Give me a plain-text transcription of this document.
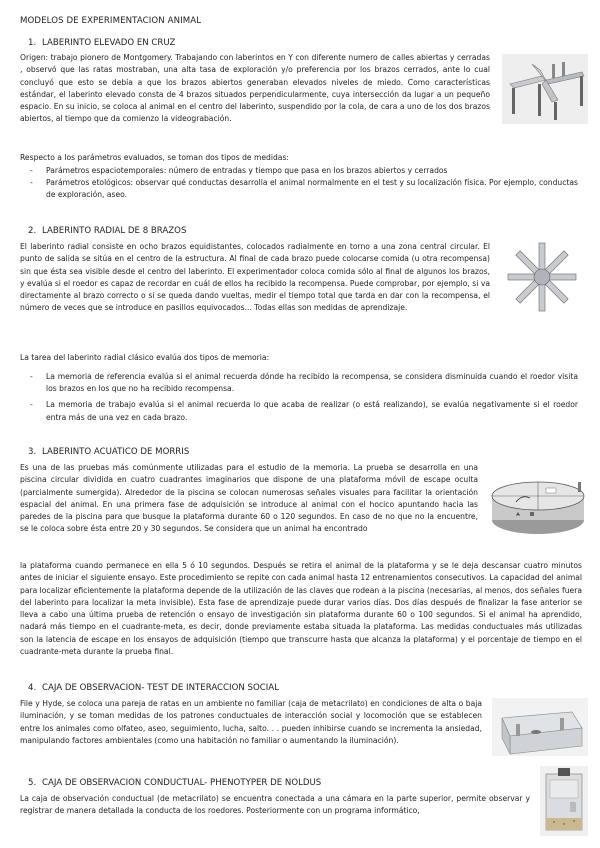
MODELOS DE EXPERIMENTACION ANIMAL
1. LABERINTO ELEVADO EN CRUZ

Origen: trabajo pionero de Montgomery. Trabajando con laberintos en Y con diferente numero de calles abiertas y cerradas , observó que las ratas mostraban, una alta tasa de exploración y/o preferencia por los brazos cerrados, ante lo cual concluyó que esto se debía a que los brazos abiertos generaban elevados niveles de miedo. Como características estándar, el laberinto elevado consta de 4 brazos situados perpendicularmente, cuya intersección da lugar a un pequeño espacio. En su inicio, se coloca al animal en el centro del laberinto, suspendido por la cola, de cara a uno de los dos brazos abiertos, al tiempo que da comienzo la videograbación.

Respecto a los parámetros evaluados, se toman dos tipos de medidas:
- Parámetros espaciotemporales: número de entradas y tiempo que pasa en los brazos abiertos y cerrados
- Parámetros etológicos: observar qué conductas desarrolla el animal normalmente en el test y su localización física. Por ejemplo, conductas de exploración, aseo.
2. LABERINTO RADIAL DE 8 BRAZOS

El laberinto radial consiste en ocho brazos equidistantes, colocados radialmente en torno a una zona central circular. El punto de salida se sitúa en el centro de la estructura. Al final de cada brazo puede colocarse comida (u otra recompensa) sin que ésta sea visible desde el centro del laberinto. El experimentador coloca comida sólo al final de algunos los brazos, y evalúa si el roedor es capaz de recordar en cuál de ellos ha recibido la recompensa. Puede comprobar, por ejemplo, si va directamente al brazo correcto o si se queda dando vueltas, medir el tiempo total que tarda en dar con la recompensa, el número de veces que se introduce en pasillos equivocados... Todas ellas son medidas de aprendizaje.

La tarea del laberinto radial clásico evalúa dos tipos de memoria:
- La memoria de referencia evalúa si el animal recuerda dónde ha recibido la recompensa, se considera disminuida cuando el roedor visita los brazos en los que no ha recibido recompensa.
- La memoria de trabajo evalúa si el animal recuerda lo que acaba de realizar (o está realizando), se evalúa negativamente si el roedor entra más de una vez en cada brazo.
3. LABERINTO ACUATICO DE MORRIS

Es una de las pruebas más comúnmente utilizadas para el estudio de la memoria. La prueba se desarrolla en una piscina circular dividida en cuatro cuadrantes imaginarios que dispone de una plataforma móvil de escape oculta (parcialmente sumergida). Alrededor de la piscina se colocan numerosas señales visuales para facilitar la orientación espacial del animal. En una primera fase de adquisición se introduce al animal con el hocico apuntando hacia las paredes de la piscina para que busque la plataforma durante 60 o 120 segundos. En caso de no que no la encuentre, se le coloca sobre ésta entre 20 y 30 segundos. Se considera que un animal ha encontrado

la plataforma cuando permanece en ella 5 ó 10 segundos. Después se retira el animal de la plataforma y se le deja descansar cuatro minutos antes de iniciar el siguiente ensayo. Este procedimiento se repite con cada animal hasta 12 entrenamientos consecutivos. La capacidad del animal para localizar eficientemente la plataforma depende de la utilización de las claves que rodean a la piscina (necesarias, al menos, dos señales fuera del laberinto para localizar la meta invisible). Esta fase de aprendizaje puede durar varios días. Dos días después de finalizar la fase anterior se lleva a cabo una última prueba de retención o ensayo de investigación sin plataforma durante 60 o 100 segundos. Si el animal ha aprendido, nadará más tiempo en el cuadrante-meta, es decir, donde previamente estaba situada la plataforma. Las medidas conductuales más utilizadas son la latencia de escape en los ensayos de adquisición (tiempo que transcurre hasta que alcanza la plataforma) y el porcentaje de tiempo en el cuadrante-meta durante la prueba final.

4. CAJA DE OBSERVACION- TEST DE INTERACCION SOCIAL

File y Hyde, se coloca una pareja de ratas en un ambiente no familiar (caja de metacrilato) en condiciones de alta o baja iluminación, y se toman medidas de los patrones conductuales de interacción social y locomoción que se establecen entre los animales como olfateo, aseo, seguimiento, lucha, salto. . . pueden inhibirse cuando se incrementa la ansiedad, manipulando factores ambientales (como una habitación no familiar o aumentando la iluminación).

5. CAJA DE OBSERVACION CONDUCTUAL- PHENOTYPER DE NOLDUS

La caja de observación conductual (de metacrilato) se encuentra conectada a una cámara en la parte superior, permite observar y registrar de manera detallada la conducta de los roedores. Posteriormente con un programa informático,
